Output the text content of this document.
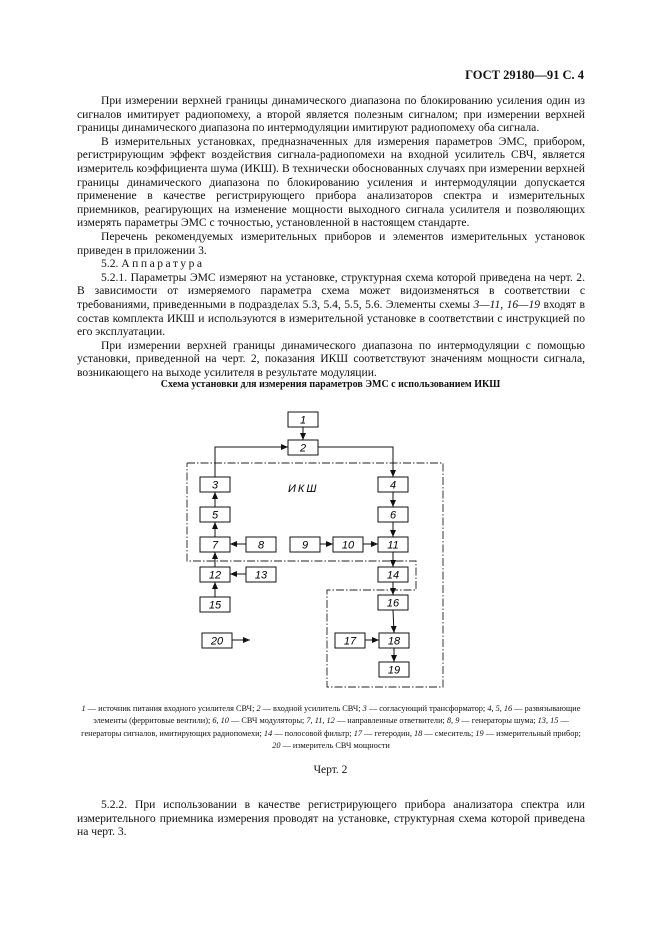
ГОСТ 29180—91 С. 4

При измерении верхней границы динамического диапазона по блокированию усиления один из сигналов имитирует радиопомеху, а второй является полезным сигналом; при измерении верхней границы динамического диапазона по интермодуляции имитируют радиопомеху оба сигнала.

В измерительных установках, предназначенных для измерения параметров ЭМС, прибором, регистрирующим эффект воздействия сигнала-радиопомехи на входной усилитель СВЧ, является измеритель коэффициента шума (ИКШ). В технически обоснованных случаях при измерении верхней границы динамического диапазона по блокированию усиления и интермодуляции допускается применение в качестве регистрирующего прибора анализаторов спектра и измерительных приемников, реагирующих на изменение мощности выходного сигнала усилителя и позволяющих измерять параметры ЭМС с точностью, установленной в настоящем стандарте.

Перечень рекомендуемых измерительных приборов и элементов измерительных установок приведен в приложении 3.

5.2. Аппаратура

5.2.1. Параметры ЭМС измеряют на установке, структурная схема которой приведена на черт. 2. В зависимости от измеряемого параметра схема может видоизменяться в соответствии с требованиями, приведенными в подразделах 5.3, 5.4, 5.5, 5.6. Элементы схемы 3—11, 16—19 входят в состав комплекта ИКШ и используются в измерительной установке в соответствии с инструкцией по его эксплуатации.

При измерении верхней границы динамического диапазона по интермодуляции с помощью установки, приведенной на черт. 2, показания ИКШ соответствуют значениям мощности сигнала, возникающего на выходе усилителя в результате модуляции.

Схема установки для измерения параметров ЭМС с использованием ИКШ
ИКШ
1
2
3	4
5	6
7	8	9	10	11
12	13	14
15	16
17	18
19
20
1 — источник питания входного усилителя СВЧ; 2 — входной усилитель СВЧ; 3 — согласующий трансформатор; 4, 5, 16 — развязывающие элементы (ферритовые вентили); 6, 10 — СВЧ модуляторы; 7, 11, 12 — направленные ответвители; 8, 9 — генераторы шума; 13, 15 — генераторы сигналов, имитирующих радиопомехи; 14 — полосовой фильтр; 17 — гетеродин, 18 — смеситель; 19 — измерительный прибор; 20 — измеритель СВЧ мощности
Черт. 2

5.2.2. При использовании в качестве регистрирующего прибора анализатора спектра или измерительного приемника измерения проводят на установке, структурная схема которой приведена на черт. 3.
